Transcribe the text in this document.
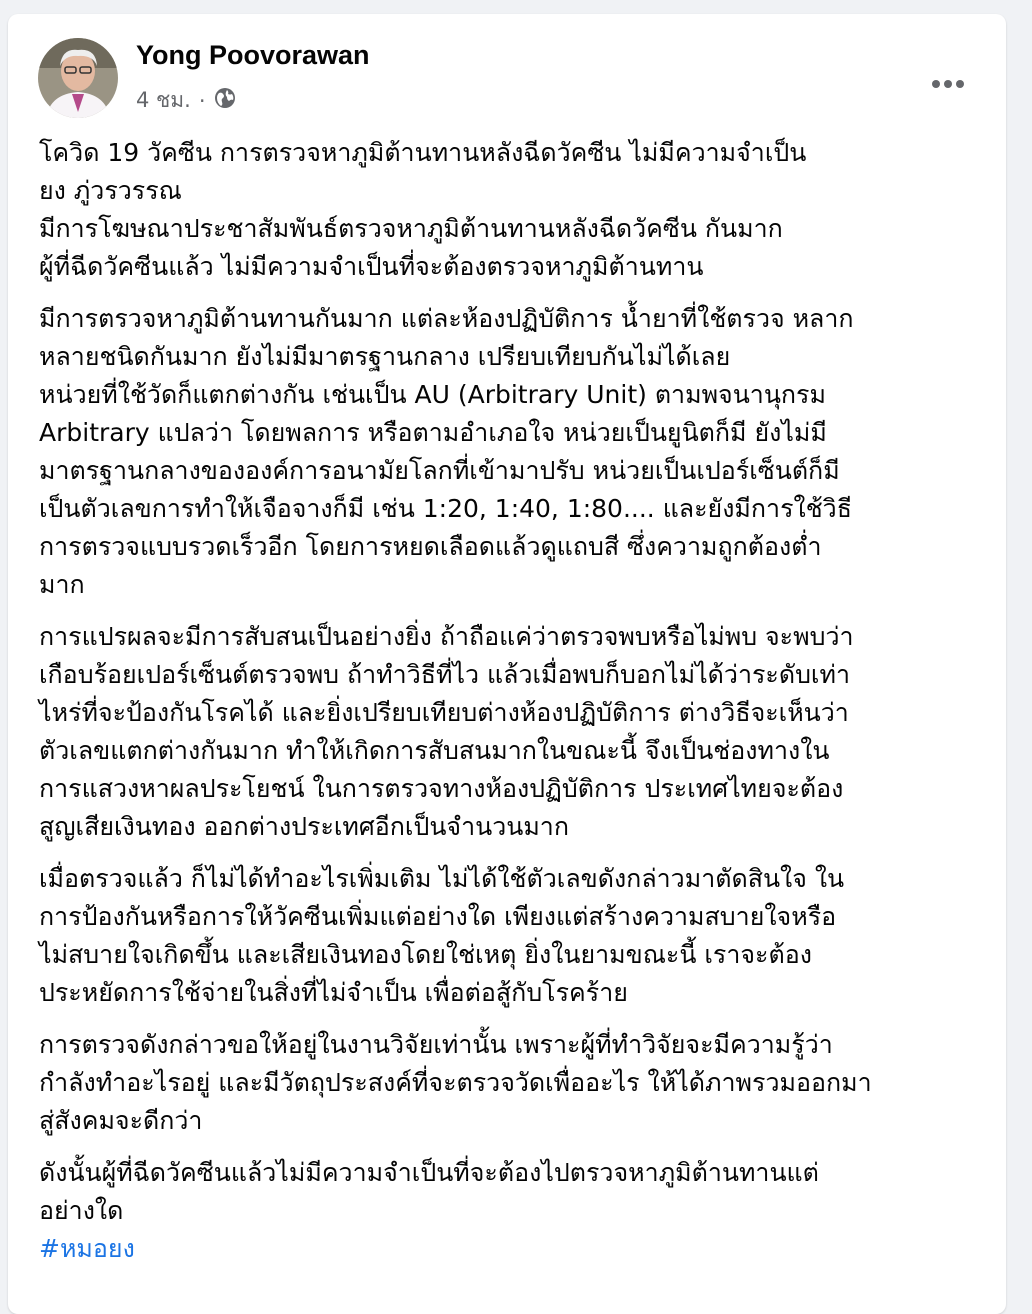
Yong Poovorawan
4 ชม. ·

โควิด 19 วัคซีน การตรวจหาภูมิต้านทานหลังฉีดวัคซีน ไม่มีความจำเป็น
ยง ภู่วรวรรณ
มีการโฆษณาประชาสัมพันธ์ตรวจหาภูมิต้านทานหลังฉีดวัคซีน กันมาก
ผู้ที่ฉีดวัคซีนแล้ว ไม่มีความจำเป็นที่จะต้องตรวจหาภูมิต้านทาน

มีการตรวจหาภูมิต้านทานกันมาก แต่ละห้องปฏิบัติการ น้ำยาที่ใช้ตรวจ หลาก
หลายชนิดกันมาก ยังไม่มีมาตรฐานกลาง เปรียบเทียบกันไม่ได้เลย
หน่วยที่ใช้วัดก็แตกต่างกัน เช่นเป็น AU (Arbitrary Unit) ตามพจนานุกรม
Arbitrary แปลว่า โดยพลการ หรือตามอำเภอใจ หน่วยเป็นยูนิตก็มี ยังไม่มี
มาตรฐานกลางขององค์การอนามัยโลกที่เข้ามาปรับ หน่วยเป็นเปอร์เซ็นต์ก็มี
เป็นตัวเลขการทำให้เจือจางก็มี เช่น 1:20, 1:40, 1:80.... และยังมีการใช้วิธี
การตรวจแบบรวดเร็วอีก โดยการหยดเลือดแล้วดูแถบสี ซึ่งความถูกต้องต่ำ
มาก

การแปรผลจะมีการสับสนเป็นอย่างยิ่ง ถ้าถือแค่ว่าตรวจพบหรือไม่พบ จะพบว่า
เกือบร้อยเปอร์เซ็นต์ตรวจพบ ถ้าทำวิธีที่ไว แล้วเมื่อพบก็บอกไม่ได้ว่าระดับเท่า
ไหร่ที่จะป้องกันโรคได้ และยิ่งเปรียบเทียบต่างห้องปฏิบัติการ ต่างวิธีจะเห็นว่า
ตัวเลขแตกต่างกันมาก ทำให้เกิดการสับสนมากในขณะนี้ จึงเป็นช่องทางใน
การแสวงหาผลประโยชน์ ในการตรวจทางห้องปฏิบัติการ ประเทศไทยจะต้อง
สูญเสียเงินทอง ออกต่างประเทศอีกเป็นจำนวนมาก

เมื่อตรวจแล้ว ก็ไม่ได้ทำอะไรเพิ่มเติม ไม่ได้ใช้ตัวเลขดังกล่าวมาตัดสินใจ ใน
การป้องกันหรือการให้วัคซีนเพิ่มแต่อย่างใด เพียงแต่สร้างความสบายใจหรือ
ไม่สบายใจเกิดขึ้น และเสียเงินทองโดยใช่เหตุ ยิ่งในยามขณะนี้ เราจะต้อง
ประหยัดการใช้จ่ายในสิ่งที่ไม่จำเป็น เพื่อต่อสู้กับโรคร้าย

การตรวจดังกล่าวขอให้อยู่ในงานวิจัยเท่านั้น เพราะผู้ที่ทำวิจัยจะมีความรู้ว่า
กำลังทำอะไรอยู่ และมีวัตถุประสงค์ที่จะตรวจวัดเพื่ออะไร ให้ได้ภาพรวมออกมา
สู่สังคมจะดีกว่า

ดังนั้นผู้ที่ฉีดวัคซีนแล้วไม่มีความจำเป็นที่จะต้องไปตรวจหาภูมิต้านทานแต่
อย่างใด
#หมอยง
